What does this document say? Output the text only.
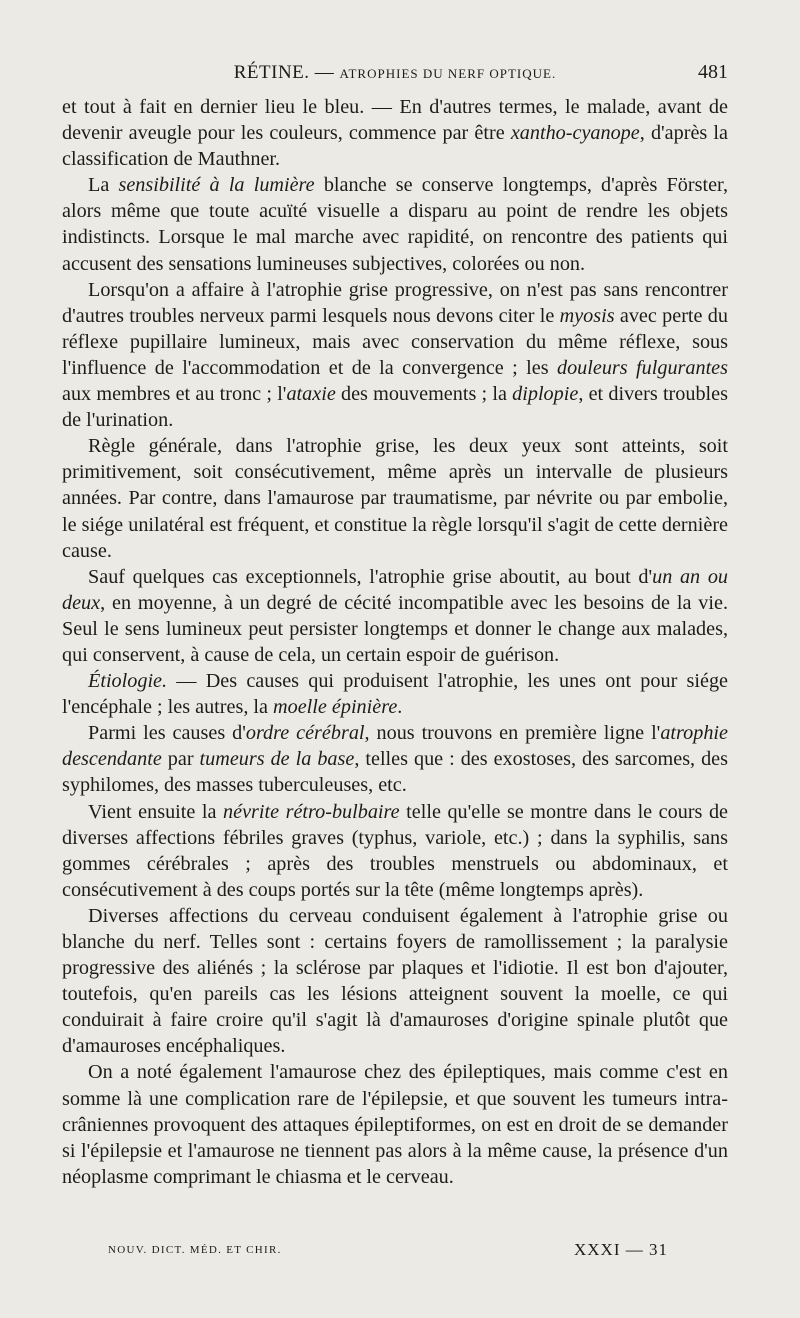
RÉTINE. — ATROPHIES DU NERF OPTIQUE.	481

et tout à fait en dernier lieu le bleu. — En d'autres termes, le malade, avant de devenir aveugle pour les couleurs, commence par être xantho-cyanope, d'après la classification de Mauthner.

La sensibilité à la lumière blanche se conserve longtemps, d'après Förster, alors même que toute acuïté visuelle a disparu au point de rendre les objets indistincts. Lorsque le mal marche avec rapidité, on rencontre des patients qui accusent des sensations lumineuses subjectives, colorées ou non.

Lorsqu'on a affaire à l'atrophie grise progressive, on n'est pas sans rencontrer d'autres troubles nerveux parmi lesquels nous devons citer le myosis avec perte du réflexe pupillaire lumineux, mais avec conservation du même réflexe, sous l'influence de l'accommodation et de la convergence ; les douleurs fulgurantes aux membres et au tronc ; l'ataxie des mouvements ; la diplopie, et divers troubles de l'urination.

Règle générale, dans l'atrophie grise, les deux yeux sont atteints, soit primitivement, soit consécutivement, même après un intervalle de plusieurs années. Par contre, dans l'amaurose par traumatisme, par névrite ou par embolie, le siége unilatéral est fréquent, et constitue la règle lorsqu'il s'agit de cette dernière cause.

Sauf quelques cas exceptionnels, l'atrophie grise aboutit, au bout d'un an ou deux, en moyenne, à un degré de cécité incompatible avec les besoins de la vie. Seul le sens lumineux peut persister longtemps et donner le change aux malades, qui conservent, à cause de cela, un certain espoir de guérison.

Étiologie. — Des causes qui produisent l'atrophie, les unes ont pour siége l'encéphale ; les autres, la moelle épinière.

Parmi les causes d'ordre cérébral, nous trouvons en première ligne l'atrophie descendante par tumeurs de la base, telles que : des exostoses, des sarcomes, des syphilomes, des masses tuberculeuses, etc.

Vient ensuite la névrite rétro-bulbaire telle qu'elle se montre dans le cours de diverses affections fébriles graves (typhus, variole, etc.) ; dans la syphilis, sans gommes cérébrales ; après des troubles menstruels ou abdominaux, et consécutivement à des coups portés sur la tête (même longtemps après).

Diverses affections du cerveau conduisent également à l'atrophie grise ou blanche du nerf. Telles sont : certains foyers de ramollissement ; la paralysie progressive des aliénés ; la sclérose par plaques et l'idiotie. Il est bon d'ajouter, toutefois, qu'en pareils cas les lésions atteignent souvent la moelle, ce qui conduirait à faire croire qu'il s'agit là d'amauroses d'origine spinale plutôt que d'amauroses encéphaliques.

On a noté également l'amaurose chez des épileptiques, mais comme c'est en somme là une complication rare de l'épilepsie, et que souvent les tumeurs intra-crâniennes provoquent des attaques épileptiformes, on est en droit de se demander si l'épilepsie et l'amaurose ne tiennent pas alors à la même cause, la présence d'un néoplasme comprimant le chiasma et le cerveau.

NOUV. DICT. MÉD. ET CHIR.	XXXI — 31
